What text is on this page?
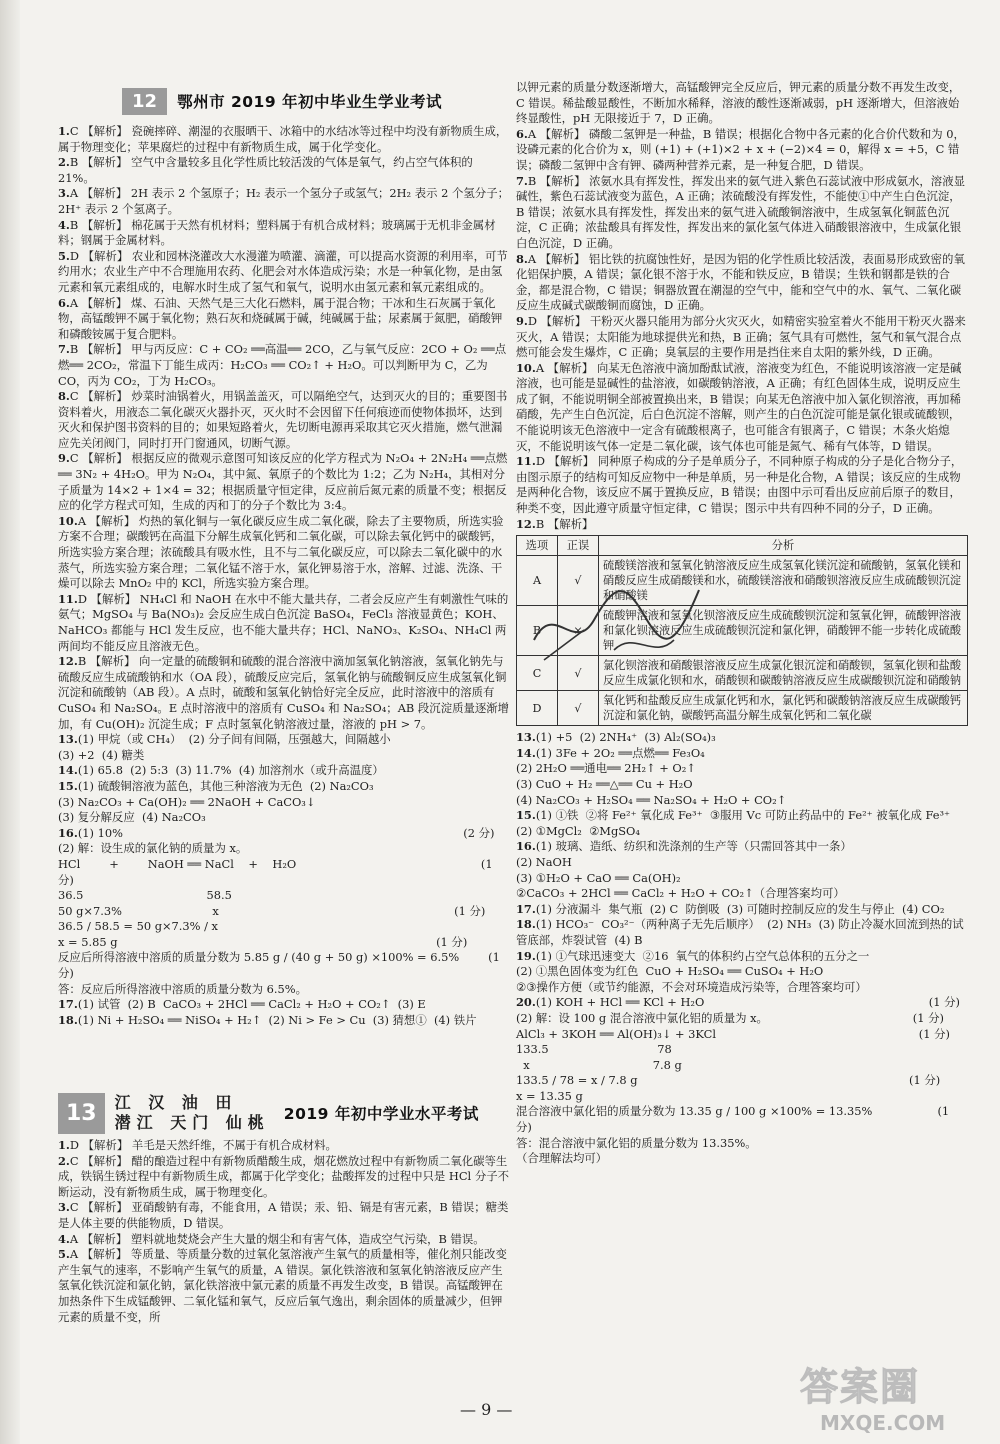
12	鄂州市 2019 年初中毕业生学业考试

1.C 【解析】 瓷碗摔碎、潮湿的衣服晒干、冰箱中的水结冰等过程中均没有新物质生成，属于物理变化；苹果腐烂的过程中有新物质生成，属于化学变化。

2.B 【解析】 空气中含量较多且化学性质比较活泼的气体是氧气，约占空气体积的 21%。

3.A 【解析】 2H 表示 2 个氢原子；H₂ 表示一个氢分子或氢气；2H₂ 表示 2 个氢分子；2H⁺ 表示 2 个氢离子。

4.B 【解析】 棉花属于天然有机材料；塑料属于有机合成材料；玻璃属于无机非金属材料；钢属于金属材料。

5.D 【解析】 农业和园林浇灌改大水漫灌为喷灌、滴灌，可以提高水资源的利用率，可节约用水；农业生产中不合理施用农药、化肥会对水体造成污染；水是一种氧化物，是由氢元素和氧元素组成的，电解水时生成了氢气和氧气，说明水由氢元素和氧元素组成的。

6.A 【解析】 煤、石油、天然气是三大化石燃料，属于混合物；干冰和生石灰属于氧化物，高锰酸钾不属于氧化物；熟石灰和烧碱属于碱，纯碱属于盐；尿素属于氮肥，硝酸钾和磷酸铵属于复合肥料。

7.B 【解析】 甲与丙反应：C + CO₂ ══高温══ 2CO，乙与氧气反应：2CO + O₂ ══点燃══ 2CO₂，常温下丁能生成丙：H₂CO₃ ══ CO₂↑ + H₂O。可以判断甲为 C，乙为 CO，丙为 CO₂，丁为 H₂CO₃。

8.C 【解析】 炒菜时油锅着火，用锅盖盖灭，可以隔绝空气，达到灭火的目的；重要图书资料着火，用液态二氧化碳灭火器扑灭，灭火时不会因留下任何痕迹而使物体损坏，达到灭火和保护图书资料的目的；如果短路着火，先切断电源再采取其它灭火措施，燃气泄漏应先关闭阀门，同时打开门窗通风，切断气源。

9.C 【解析】 根据反应的微观示意图可知该反应的化学方程式为 N₂O₄ + 2N₂H₄ ══点燃══ 3N₂ + 4H₂O。甲为 N₂O₄，其中氮、氧原子的个数比为 1:2；乙为 N₂H₄，其相对分子质量为 14×2 + 1×4 = 32；根据质量守恒定律，反应前后氮元素的质量不变；根据反应的化学方程式可知，生成的丙和丁的分子个数比为 3:4。

10.A 【解析】 灼热的氧化铜与一氧化碳反应生成二氧化碳，除去了主要物质，所选实验方案不合理；碳酸钙在高温下分解生成氧化钙和二氧化碳，可以除去氧化钙中的碳酸钙，所选实验方案合理；浓硫酸具有吸水性，且不与二氧化碳反应，可以除去二氧化碳中的水蒸气，所选实验方案合理；二氧化锰不溶于水，氯化钾易溶于水，溶解、过滤、洗涤、干燥可以除去 MnO₂ 中的 KCl，所选实验方案合理。

11.D 【解析】 NH₄Cl 和 NaOH 在水中不能大量共存，二者会反应产生有刺激性气味的氨气；MgSO₄ 与 Ba(NO₃)₂ 会反应生成白色沉淀 BaSO₄，FeCl₃ 溶液显黄色；KOH、NaHCO₃ 都能与 HCl 发生反应，也不能大量共存；HCl、NaNO₃、K₂SO₄、NH₄Cl 两两间均不能反应且溶液无色。

12.B 【解析】 向一定量的硫酸铜和硫酸的混合溶液中滴加氢氧化钠溶液，氢氧化钠先与硫酸反应生成硫酸钠和水（OA 段），硫酸反应完后，氢氧化钠与硫酸铜反应生成氢氧化铜沉淀和硫酸钠（AB 段）。A 点时，硫酸和氢氧化钠恰好完全反应，此时溶液中的溶质有 CuSO₄ 和 Na₂SO₄。E 点时溶液中的溶质有 CuSO₄ 和 Na₂SO₄；AB 段沉淀质量逐渐增加，有 Cu(OH)₂ 沉淀生成；F 点时氢氧化钠溶液过量，溶液的 pH > 7。

13.(1) 甲烷（或 CH₄）  (2) 分子间有间隔，压强越大，间隔越小
(3) +2  (4) 糖类

14.(1) 65.8  (2) 5:3  (3) 11.7%  (4) 加溶剂水（或升高温度）

15.(1) 硫酸铜溶液为蓝色，其他三种溶液为无色  (2) Na₂CO₃
(3) Na₂CO₃ + Ca(OH)₂ ══ 2NaOH + CaCO₃↓
(3) 复分解反应  (4) Na₂CO₃

16.(1) 10%                                                                                              (2 分)
(2) 解：设生成的氯化钠的质量为 x。
HCl        +        NaOH ══ NaCl    +    H₂O                                                   (1 分)
36.5                                  58.5
50 g×7.3%                         x                                                                 (1 分)
36.5 / 58.5 = 50 g×7.3% / x
x = 5.85 g                                                                                        (1 分)
反应后所得溶液中溶质的质量分数为 5.85 g / (40 g + 50 g) ×100% = 6.5%        (1 分)
答：反应后所得溶液中溶质的质量分数为 6.5%。

17.(1) 试管  (2) B  CaCO₃ + 2HCl ══ CaCl₂ + H₂O + CO₂↑  (3) E

18.(1) Ni + H₂SO₄ ══ NiSO₄ + H₂↑  (2) Ni > Fe > Cu  (3) 猜想①  (4) 铁片

13	江 汉 油 田
潜江 天门 仙桃 2019 年初中学业水平考试

1.D 【解析】 羊毛是天然纤维，不属于有机合成材料。

2.C 【解析】 醋的酿造过程中有新物质醋酸生成，烟花燃放过程中有新物质二氧化碳等生成，铁锅生锈过程中有新物质生成，都属于化学变化；盐酸挥发的过程中只是 HCl 分子不断运动，没有新物质生成，属于物理变化。

3.C 【解析】 亚硝酸钠有毒，不能食用，A 错误；汞、铅、镉是有害元素，B 错误；糖类是人体主要的供能物质，D 错误。

4.A 【解析】 塑料就地焚烧会产生大量的烟尘和有害气体，造成空气污染，B 错误。

5.A 【解析】 等质量、等质量分数的过氧化氢溶液产生氧气的质量相等，催化剂只能改变产生氧气的速率，不影响产生氧气的质量，A 错误。氯化铁溶液和氢氧化钠溶液反应产生氢氧化铁沉淀和氯化钠，氯化铁溶液中氯元素的质量不再发生改变，B 错误。高锰酸钾在加热条件下生成锰酸钾、二氧化锰和氧气，反应后氧气逸出，剩余固体的质量减少，但钾元素的质量不变，所

以钾元素的质量分数逐渐增大，高锰酸钾完全反应后，钾元素的质量分数不再发生改变，C 错误。稀盐酸显酸性，不断加水稀释，溶液的酸性逐渐减弱，pH 逐渐增大，但溶液始终显酸性，pH 无限接近于 7，D 正确。

6.A 【解析】 磷酸二氢钾是一种盐，B 错误；根据化合物中各元素的化合价代数和为 0，设磷元素的化合价为 x，则 (+1) + (+1)×2 + x + (−2)×4 = 0，解得 x = +5，C 错误；磷酸二氢钾中含有钾、磷两种营养元素，是一种复合肥，D 错误。

7.B 【解析】 浓氨水具有挥发性，挥发出来的氨气进入紫色石蕊试液中形成氨水，溶液显碱性，紫色石蕊试液变为蓝色，A 正确；浓硫酸没有挥发性，不能使①中产生白色沉淀，B 错误；浓氨水具有挥发性，挥发出来的氨气进入硫酸铜溶液中，生成氢氧化铜蓝色沉淀，C 正确；浓盐酸具有挥发性，挥发出来的氯化氢气体进入硝酸银溶液中，生成氯化银白色沉淀，D 正确。

8.A 【解析】 铝比铁的抗腐蚀性好，是因为铝的化学性质比较活泼，表面易形成致密的氧化铝保护膜，A 错误；氯化银不溶于水，不能和铁反应，B 错误；生铁和钢都是铁的合金，都是混合物，C 错误；铜器放置在潮湿的空气中，能和空气中的水、氧气、二氧化碳反应生成碱式碳酸铜而腐蚀，D 正确。

9.D 【解析】 干粉灭火器只能用为部分火灾灭火，如精密实验室着火不能用干粉灭火器来灭火，A 错误；太阳能为地球提供光和热，B 正确；氢气具有可燃性，氢气和氧气混合点燃可能会发生爆炸，C 正确；臭氧层的主要作用是挡住来自太阳的紫外线，D 正确。

10.A 【解析】 向某无色溶液中滴加酚酞试液，溶液变为红色，不能说明该溶液一定是碱溶液，也可能是显碱性的盐溶液，如碳酸钠溶液，A 正确；有红色固体生成，说明反应生成了铜，不能说明铜全部被置换出来，B 错误；向某无色溶液中加入氯化钡溶液，再加稀硝酸，先产生白色沉淀，后白色沉淀不溶解，则产生的白色沉淀可能是氯化银或硫酸钡，不能说明该无色溶液中一定含有硫酸根离子，也可能含有银离子，C 错误；木条火焰熄灭，不能说明该气体一定是二氧化碳，该气体也可能是氮气、稀有气体等，D 错误。

11.D 【解析】 同种原子构成的分子是单质分子，不同种原子构成的分子是化合物分子，由图示原子的结构可知反应物中一种是单质，另一种是化合物，A 错误；该反应的生成物是两种化合物，该反应不属于置换反应，B 错误；由图中示可看出反应前后原子的数目，种类不变，因此遵守质量守恒定律，C 错误；图示中共有四种不同的分子，D 正确。

12.B 【解析】

选项	正误	分析
A	√	硫酸镁溶液和氢氧化钠溶液反应生成氢氧化镁沉淀和硫酸钠，氢氧化镁和硝酸反应生成硝酸镁和水，硫酸镁溶液和硝酸钡溶液反应生成硫酸钡沉淀和硝酸镁
B	×	硫酸钾溶液和氢氧化钡溶液反应生成硫酸钡沉淀和氢氧化钾，硫酸钾溶液和氯化钡溶液反应生成硫酸钡沉淀和氯化钾，硝酸钾不能一步转化成硫酸钾
C	√	氯化钡溶液和硝酸银溶液反应生成氯化银沉淀和硝酸钡，氢氧化钡和盐酸反应生成氯化钡和水，硝酸钡和碳酸钠溶液反应生成碳酸钡沉淀和硝酸钠
D	√	氧化钙和盐酸反应生成氯化钙和水，氯化钙和碳酸钠溶液反应生成碳酸钙沉淀和氯化钠，碳酸钙高温分解生成氧化钙和二氧化碳

13.(1) +5  (2) 2NH₄⁺  (3) Al₂(SO₄)₃

14.(1) 3Fe + 2O₂ ══点燃══ Fe₃O₄
(2) 2H₂O ══通电══ 2H₂↑ + O₂↑
(3) CuO + H₂ ══△══ Cu + H₂O
(4) Na₂CO₃ + H₂SO₄ ══ Na₂SO₄ + H₂O + CO₂↑

15.(1) ①铁  ②将 Fe²⁺ 氧化成 Fe³⁺  ③服用 Vc 可防止药品中的 Fe²⁺ 被氧化成 Fe³⁺
(2) ①MgCl₂  ②MgSO₄

16.(1) 玻璃、造纸、纺织和洗涤剂的生产等（只需回答其中一条）
(2) NaOH
(3) ①H₂O + CaO ══ Ca(OH)₂
②CaCO₃ + 2HCl ══ CaCl₂ + H₂O + CO₂↑（合理答案均可）

17.(1) 分液漏斗  集气瓶  (2) C  防倒吸  (3) 可随时控制反应的发生与停止  (4) CO₂

18.(1) HCO₃⁻  CO₃²⁻（两种离子无先后顺序）  (2) NH₃  (3) 防止冷凝水回流到热的试管底部，炸裂试管  (4) B

19.(1) ①气球迅速变大  ②16  氧气的体积约占空气总体积的五分之一
(2) ①黑色固体变为红色  CuO + H₂SO₄ ══ CuSO₄ + H₂O
②③操作方便（或节约能源，不会对环境造成污染等，合理答案均可）

20.(1) KOH + HCl ══ KCl + H₂O                                                              (1 分)
(2) 解：设 100 g 混合溶液中氯化铝的质量为 x。                                        (1 分)
AlCl₃ + 3KOH ══ Al(OH)₃↓ + 3KCl                                                        (1 分)
133.5                              78
x                                  7.8 g
133.5 / 78 = x / 7.8 g                                                                           (1 分)
x = 13.35 g
混合溶液中氯化铝的质量分数为 13.35 g / 100 g ×100% = 13.35%                  (1 分)
答：混合溶液中氯化铝的质量分数为 13.35%。
（合理解法均可）

— 9 —
答案圈
MXQE.COM
